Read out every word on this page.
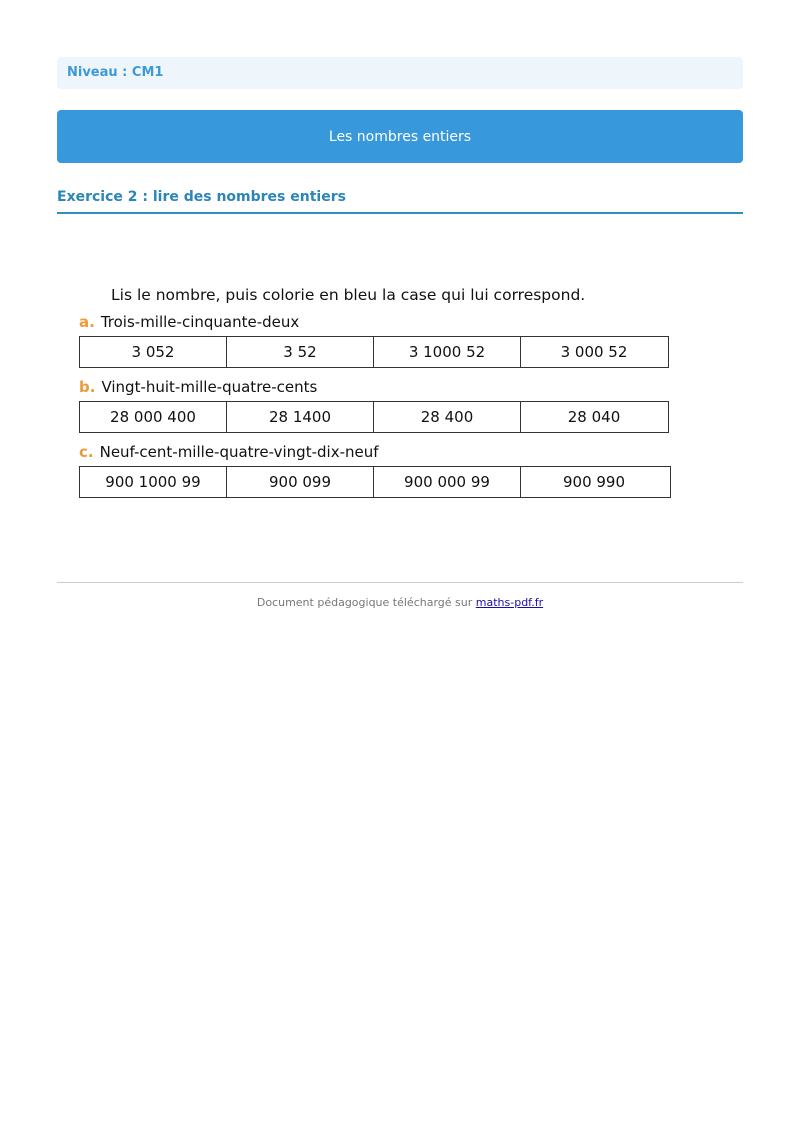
Niveau : CM1
Les nombres entiers
Exercice 2 : lire des nombres entiers
Lis le nombre, puis colorie en bleu la case qui lui correspond.
a. Trois-mille-cinquante-deux
3 052	3 52	3 1000 52	3 000 52
b. Vingt-huit-mille-quatre-cents
28 000 400	28 1400	28 400	28 040
c. Neuf-cent-mille-quatre-vingt-dix-neuf
900 1000 99	900 099	900 000 99	900 990
Document pédagogique téléchargé sur maths-pdf.fr
